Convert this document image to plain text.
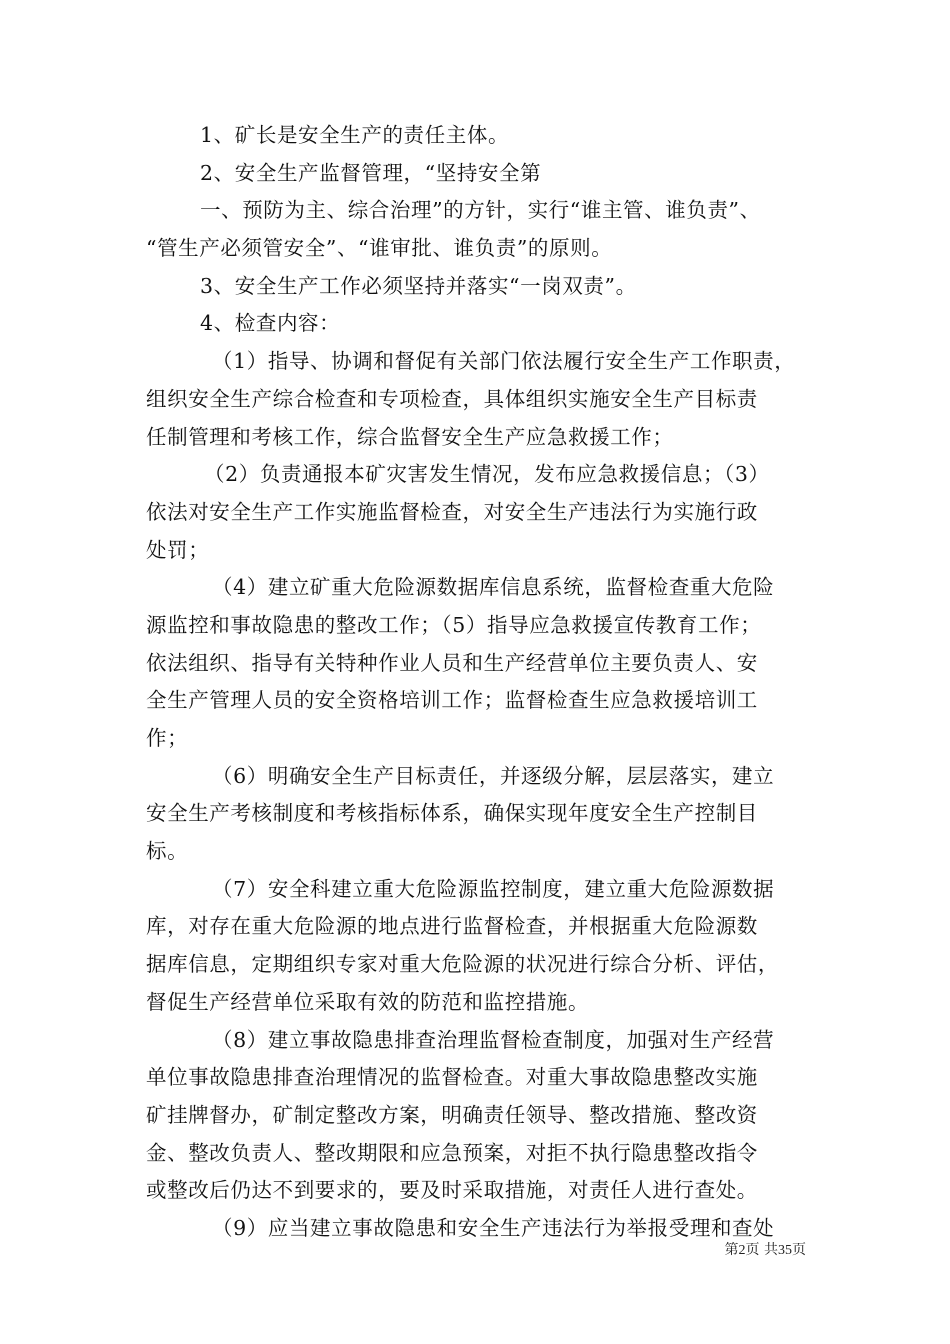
1、矿长是安全生产的责任主体。
2、安全生产监督管理，“坚持安全第
一、预防为主、综合治理”的方针，实行“谁主管、谁负责”、
“管生产必须管安全”、“谁审批、谁负责”的原则。
3、安全生产工作必须坚持并落实“一岗双责”。
4、检查内容：
（1）指导、协调和督促有关部门依法履行安全生产工作职责，
组织安全生产综合检查和专项检查，具体组织实施安全生产目标责
任制管理和考核工作，综合监督安全生产应急救援工作；
（2）负责通报本矿灾害发生情况，发布应急救援信息；（3）
依法对安全生产工作实施监督检查，对安全生产违法行为实施行政
处罚；
（4）建立矿重大危险源数据库信息系统，监督检查重大危险
源监控和事故隐患的整改工作；（5）指导应急救援宣传教育工作；
依法组织、指导有关特种作业人员和生产经营单位主要负责人、安
全生产管理人员的安全资格培训工作；监督检查生应急救援培训工
作；
（6）明确安全生产目标责任，并逐级分解，层层落实，建立
安全生产考核制度和考核指标体系，确保实现年度安全生产控制目
标。
（7）安全科建立重大危险源监控制度，建立重大危险源数据
库，对存在重大危险源的地点进行监督检查，并根据重大危险源数
据库信息，定期组织专家对重大危险源的状况进行综合分析、评估，
督促生产经营单位采取有效的防范和监控措施。
（8）建立事故隐患排查治理监督检查制度，加强对生产经营
单位事故隐患排查治理情况的监督检查。对重大事故隐患整改实施
矿挂牌督办，矿制定整改方案，明确责任领导、整改措施、整改资
金、整改负责人、整改期限和应急预案，对拒不执行隐患整改指令
或整改后仍达不到要求的，要及时采取措施，对责任人进行查处。
（9）应当建立事故隐患和安全生产违法行为举报受理和查处
第2页 共35页
